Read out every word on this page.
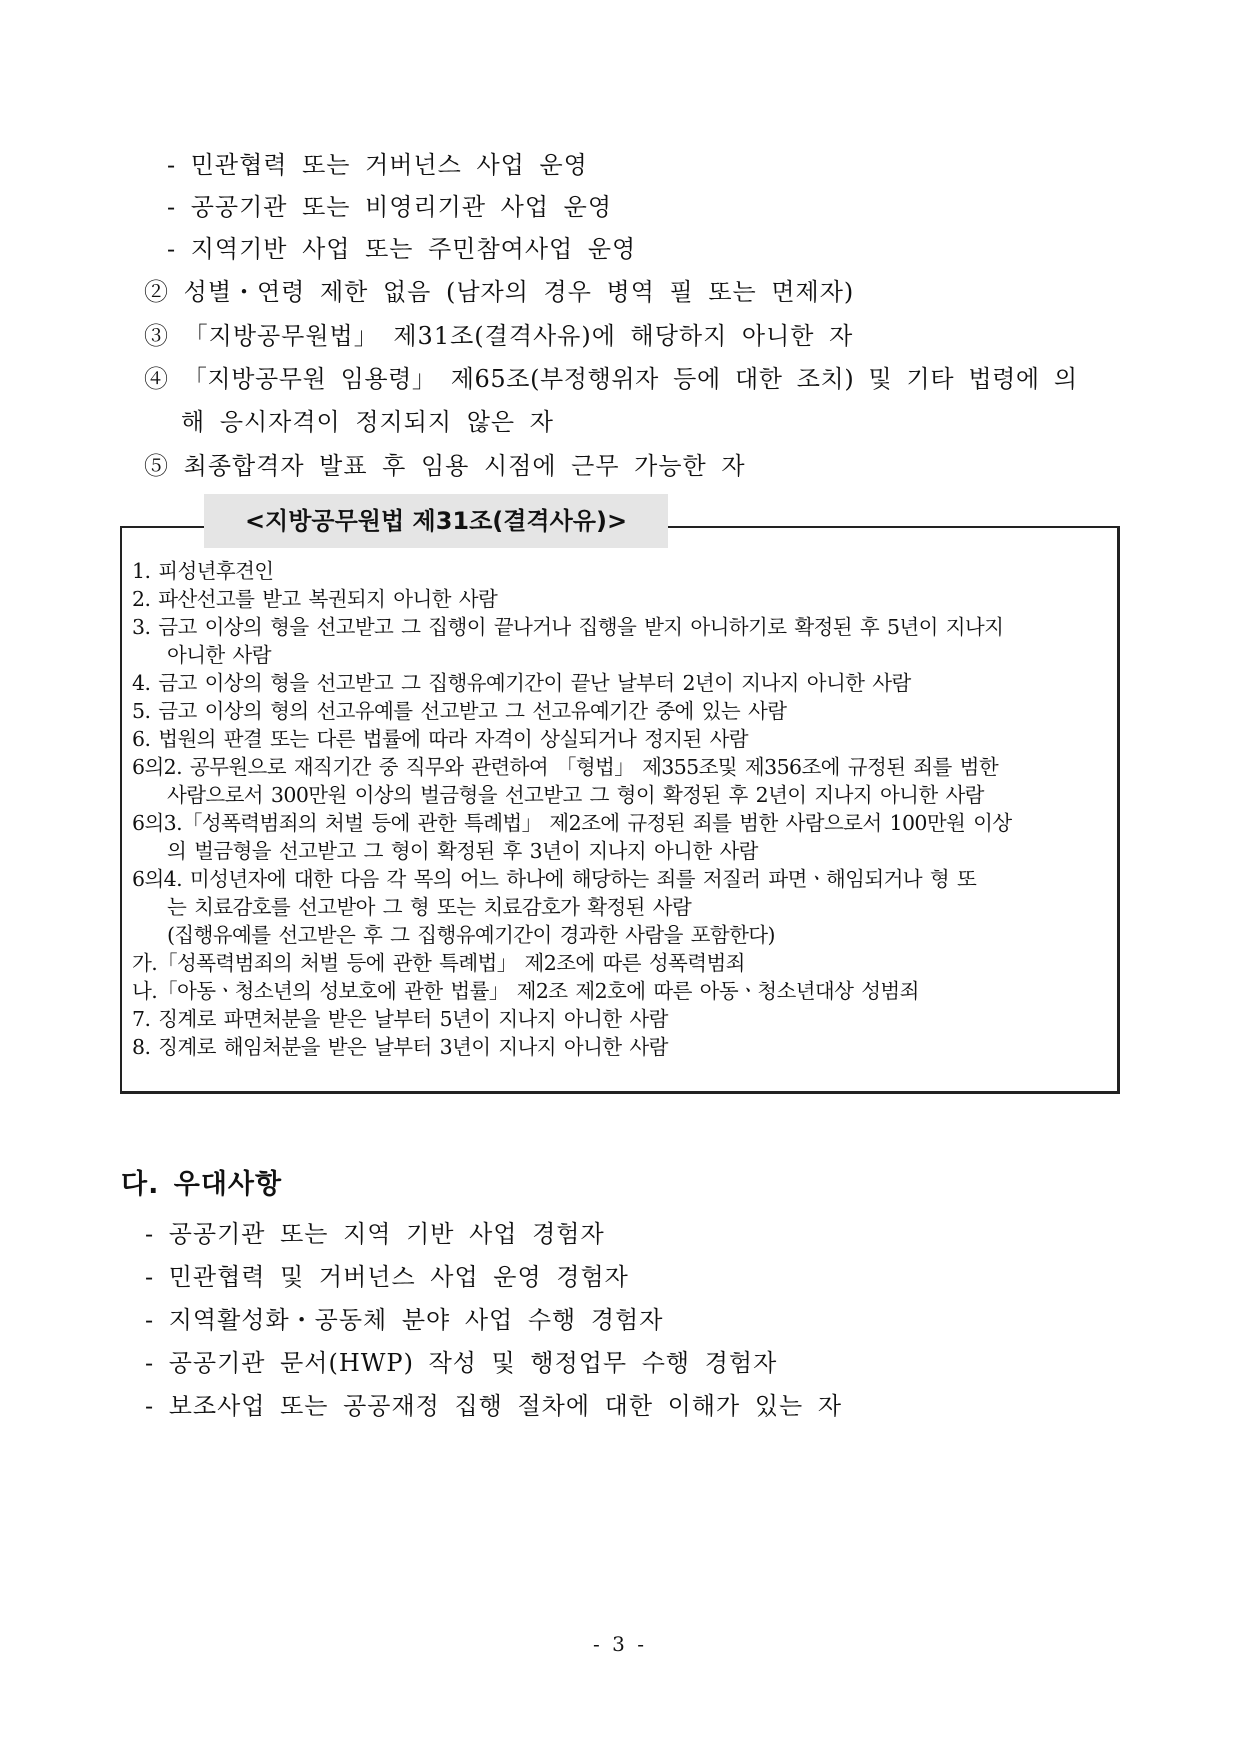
- 민관협력 또는 거버넌스 사업 운영
- 공공기관 또는 비영리기관 사업 운영
- 지역기반 사업 또는 주민참여사업 운영
② 성별・연령 제한 없음 (남자의 경우 병역 필 또는 면제자)
③ 「지방공무원법」 제31조(결격사유)에 해당하지 아니한 자
④ 「지방공무원 임용령」 제65조(부정행위자 등에 대한 조치) 및 기타 법령에 의
해 응시자격이 정지되지 않은 자
⑤ 최종합격자 발표 후 임용 시점에 근무 가능한 자
<지방공무원법 제31조(결격사유)>
1. 피성년후견인
2. 파산선고를 받고 복권되지 아니한 사람
3. 금고 이상의 형을 선고받고 그 집행이 끝나거나 집행을 받지 아니하기로 확정된 후 5년이 지나지
아니한 사람
4. 금고 이상의 형을 선고받고 그 집행유예기간이 끝난 날부터 2년이 지나지 아니한 사람
5. 금고 이상의 형의 선고유예를 선고받고 그 선고유예기간 중에 있는 사람
6. 법원의 판결 또는 다른 법률에 따라 자격이 상실되거나 정지된 사람
6의2. 공무원으로 재직기간 중 직무와 관련하여 「형법」 제355조및 제356조에 규정된 죄를 범한
사람으로서 300만원 이상의 벌금형을 선고받고 그 형이 확정된 후 2년이 지나지 아니한 사람
6의3.「성폭력범죄의 처벌 등에 관한 특례법」 제2조에 규정된 죄를 범한 사람으로서 100만원 이상
의 벌금형을 선고받고 그 형이 확정된 후 3년이 지나지 아니한 사람
6의4. 미성년자에 대한 다음 각 목의 어느 하나에 해당하는 죄를 저질러 파면ㆍ해임되거나 형 또
는 치료감호를 선고받아 그 형 또는 치료감호가 확정된 사람
(집행유예를 선고받은 후 그 집행유예기간이 경과한 사람을 포함한다)
가.「성폭력범죄의 처벌 등에 관한 특례법」 제2조에 따른 성폭력범죄
나.「아동ㆍ청소년의 성보호에 관한 법률」 제2조 제2호에 따른 아동ㆍ청소년대상 성범죄
7. 징계로 파면처분을 받은 날부터 5년이 지나지 아니한 사람
8. 징계로 해임처분을 받은 날부터 3년이 지나지 아니한 사람
다. 우대사항
- 공공기관 또는 지역 기반 사업 경험자
- 민관협력 및 거버넌스 사업 운영 경험자
- 지역활성화・공동체 분야 사업 수행 경험자
- 공공기관 문서(HWP) 작성 및 행정업무 수행 경험자
- 보조사업 또는 공공재정 집행 절차에 대한 이해가 있는 자
- 3 -
